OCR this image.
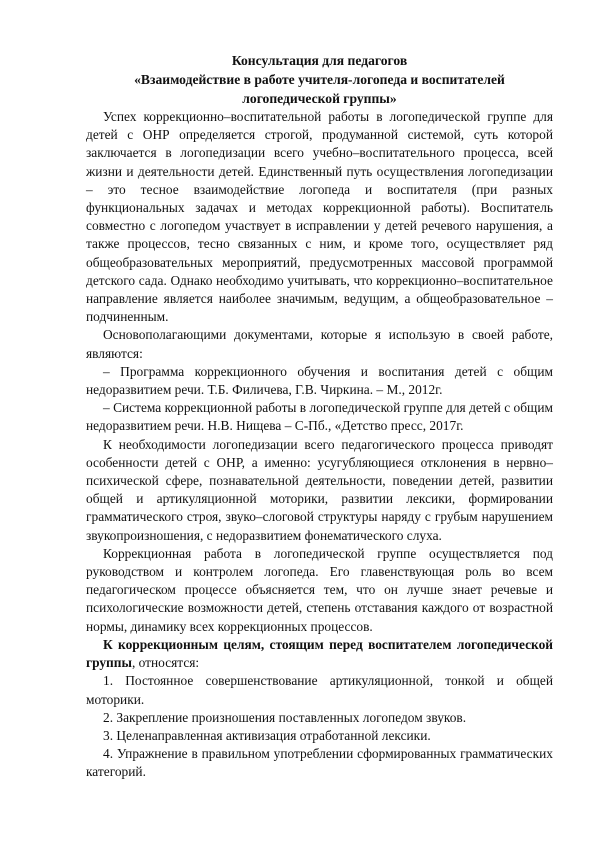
Консультация для педагогов

«Взаимодействие в работе учителя-логопеда и воспитателей

логопедической группы»

Успех коррекционно–воспитательной работы в логопедической группе для детей с ОНР определяется строгой, продуманной системой, суть которой заключается в логопедизации всего учебно–воспитательного процесса, всей жизни и деятельности детей. Единственный путь осуществления логопедизации – это тесное взаимодействие логопеда и воспитателя (при разных функциональных задачах и методах коррекционной работы). Воспитатель совместно с логопедом участвует в исправлении у детей речевого нарушения, а также процессов, тесно связанных с ним, и кроме того, осуществляет ряд общеобразовательных мероприятий, предусмотренных массовой программой детского сада. Однако необходимо учитывать, что коррекционно–воспитательное направление является наиболее значимым, ведущим, а общеобразовательное – подчиненным.

Основополагающими документами, которые я использую в своей работе, являются:

– Программа коррекционного обучения и воспитания детей с общим недоразвитием речи. Т.Б. Филичева, Г.В. Чиркина. – М., 2012г.

– Система коррекционной работы в логопедической группе для детей с общим недоразвитием речи. Н.В. Нищева – С-Пб., «Детство пресс, 2017г.

К необходимости логопедизации всего педагогического процесса приводят особенности детей с ОНР, а именно: усугубляющиеся отклонения в нервно–психической сфере, познавательной деятельности, поведении детей, развитии общей и артикуляционной моторики, развитии лексики, формировании грамматического строя, звуко–слоговой структуры наряду с грубым нарушением звукопроизношения, с недоразвитием фонематического слуха.

Коррекционная работа в логопедической группе осуществляется под руководством и контролем логопеда. Его главенствующая роль во всем педагогическом процессе объясняется тем, что он лучше знает речевые и психологические возможности детей, степень отставания каждого от возрастной нормы, динамику всех коррекционных процессов.

К коррекционным целям, стоящим перед воспитателем логопедической группы, относятся:

1. Постоянное совершенствование артикуляционной, тонкой и общей моторики.

2. Закрепление произношения поставленных логопедом звуков.

3. Целенаправленная активизация отработанной лексики.

4. Упражнение в правильном употреблении сформированных грамматических категорий.
